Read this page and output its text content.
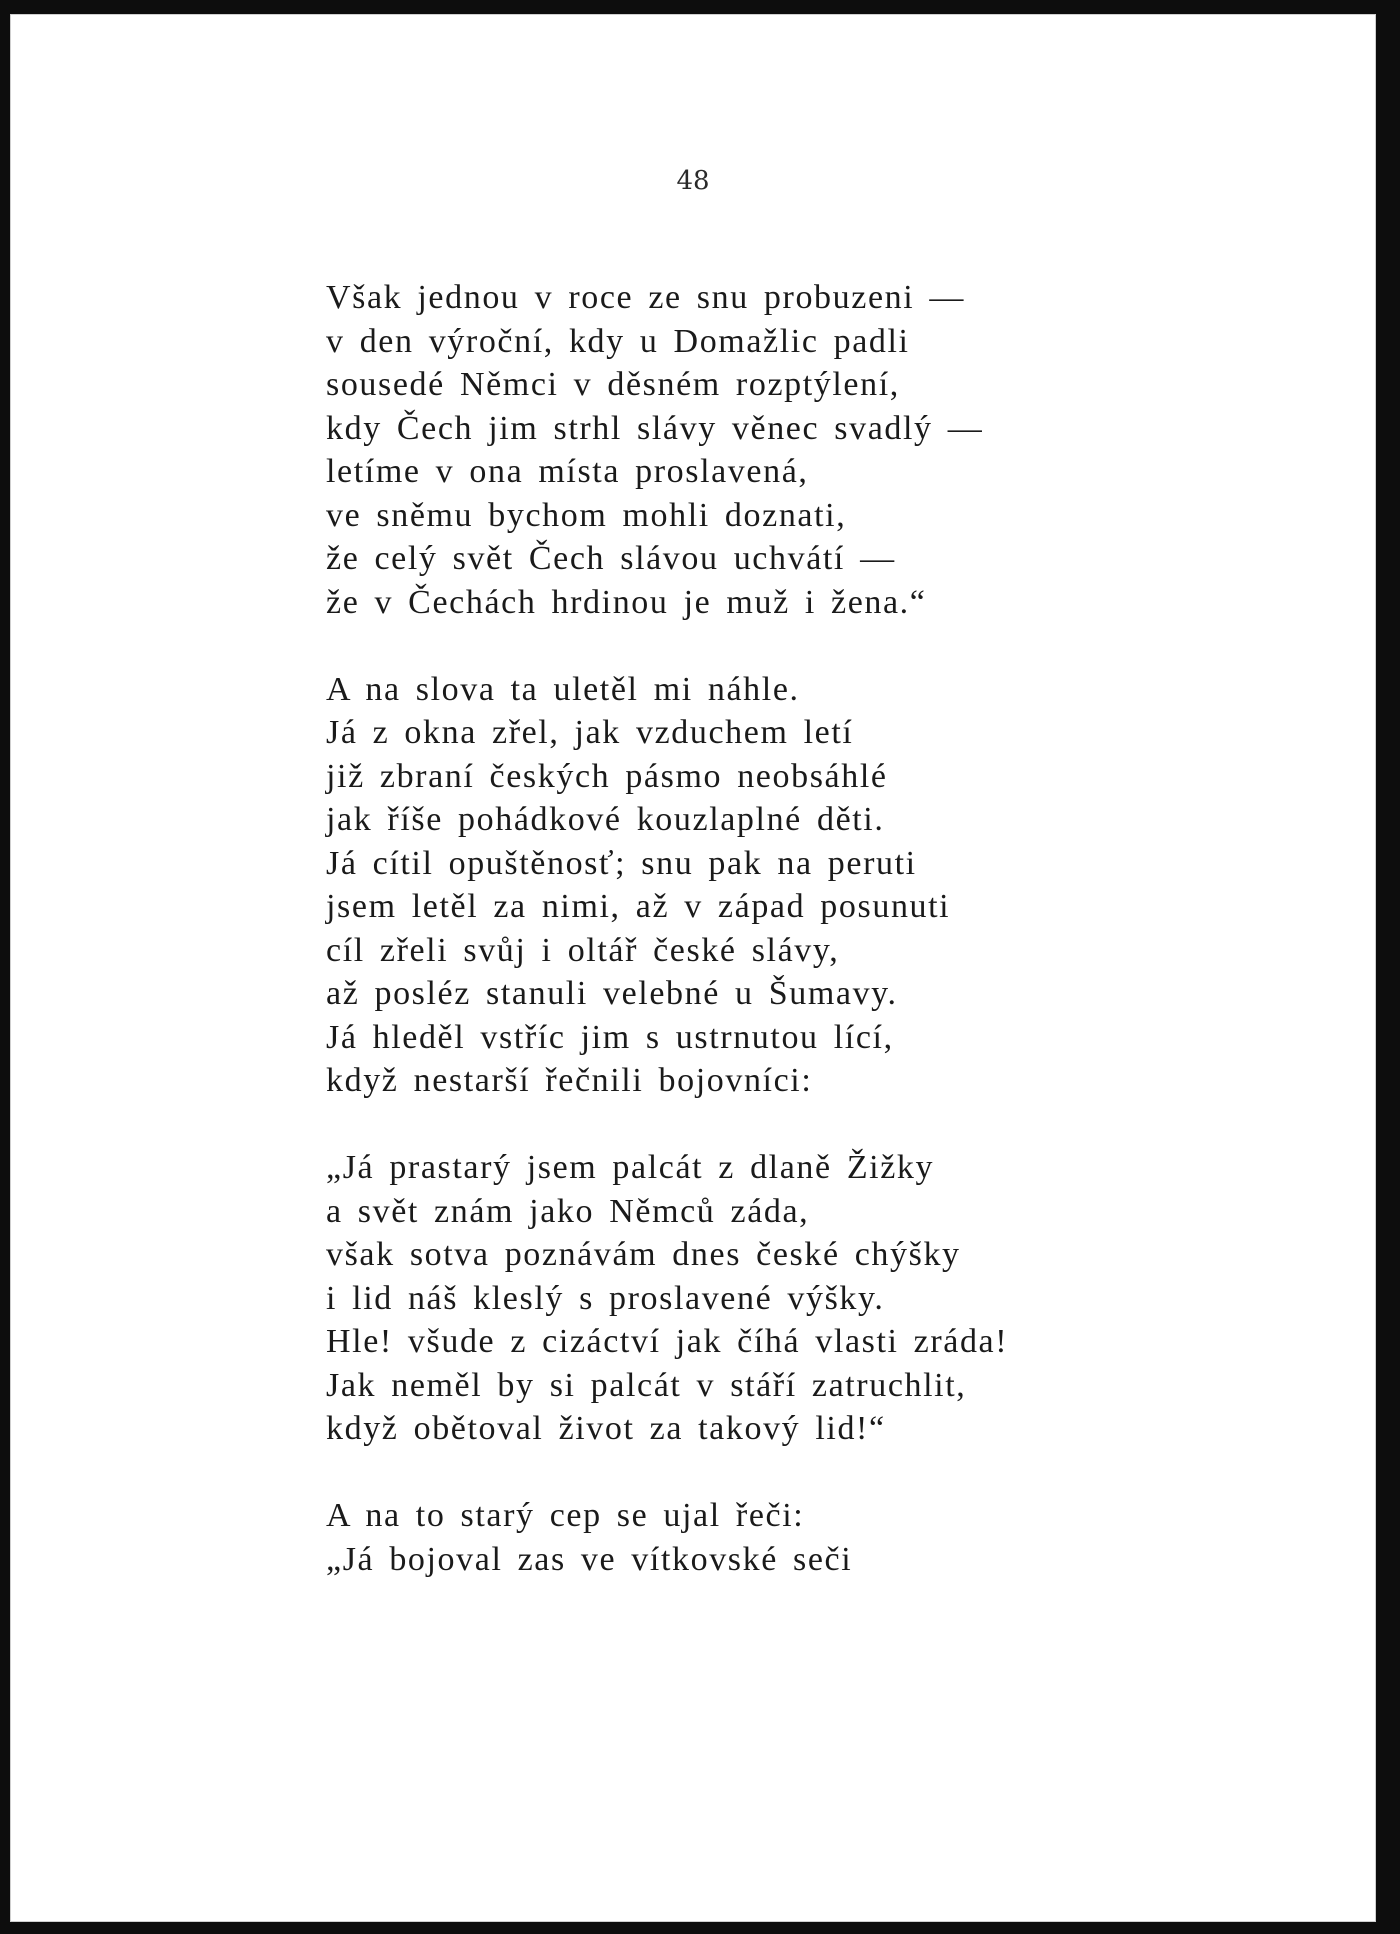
48
Však jednou v roce ze snu probuzeni —
v den výroční, kdy u Domažlic padli
sousedé Němci v děsném rozptýlení,
kdy Čech jim strhl slávy věnec svadlý —
letíme v ona místa proslavená,
ve sněmu bychom mohli doznati,
že celý svět Čech slávou uchvátí —
že v Čechách hrdinou je muž i žena.“
A na slova ta uletěl mi náhle.
Já z okna zřel, jak vzduchem letí
již zbraní českých pásmo neobsáhlé
jak říše pohádkové kouzlaplné děti.
Já cítil opuštěnosť; snu pak na peruti
jsem letěl za nimi, až v západ posunuti
cíl zřeli svůj i oltář české slávy,
až posléz stanuli velebné u Šumavy.
Já hleděl vstříc jim s ustrnutou lící,
když nestarší řečnili bojovníci:
„Já prastarý jsem palcát z dlaně Žižky
a svět znám jako Němců záda,
však sotva poznávám dnes české chýšky
i lid náš kleslý s proslavené výšky.
Hle! všude z cizáctví jak číhá vlasti zráda!
Jak neměl by si palcát v stáří zatruchlit,
když obětoval život za takový lid!“
A na to starý cep se ujal řeči:
„Já bojoval zas ve vítkovské seči
